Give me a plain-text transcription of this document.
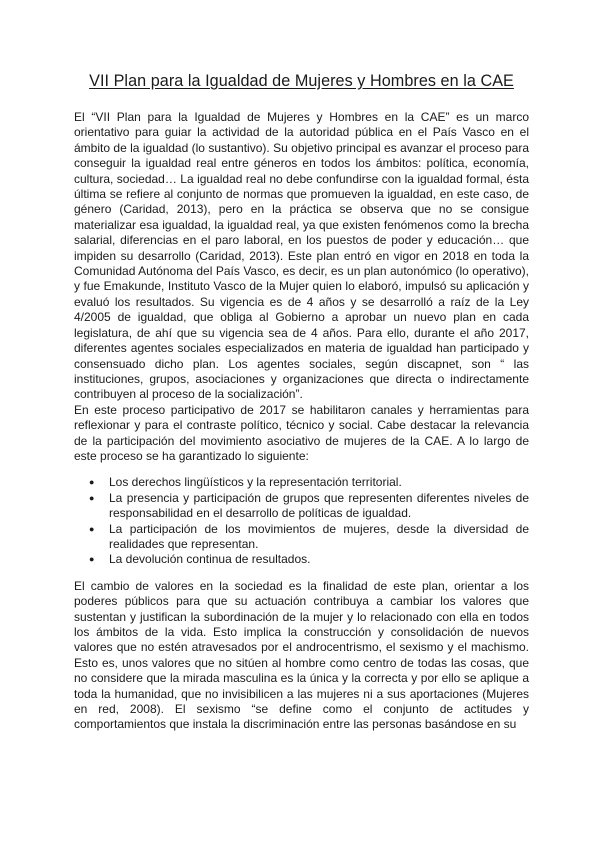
VII Plan para la Igualdad de Mujeres y Hombres en la CAE

El “VII Plan para la Igualdad de Mujeres y Hombres en la CAE” es un marco orientativo para guiar la actividad de la autoridad pública en el País Vasco en el ámbito de la igualdad (lo sustantivo). Su objetivo principal es avanzar el proceso para conseguir la igualdad real entre géneros en todos los ámbitos: política, economía, cultura, sociedad… La igualdad real no debe confundirse con la igualdad formal, ésta última se refiere al conjunto de normas que promueven la igualdad, en este caso, de género (Caridad, 2013), pero en la práctica se observa que no se consigue materializar esa igualdad, la igualdad real, ya que existen fenómenos como la brecha salarial, diferencias en el paro laboral, en los puestos de poder y educación… que impiden su desarrollo (Caridad, 2013). Este plan entró en vigor en 2018 en toda la Comunidad Autónoma del País Vasco, es decir, es un plan autonómico (lo operativo), y fue Emakunde, Instituto Vasco de la Mujer quien lo elaboró, impulsó su aplicación y evaluó los resultados. Su vigencia es de 4 años y se desarrolló a raíz de la Ley 4/2005 de igualdad, que obliga al Gobierno a aprobar un nuevo plan en cada legislatura, de ahí que su vigencia sea de 4 años. Para ello, durante el año 2017, diferentes agentes sociales especializados en materia de igualdad han participado y consensuado dicho plan. Los agentes sociales, según discapnet, son “ las instituciones, grupos, asociaciones y organizaciones que directa o indirectamente contribuyen al proceso de la socialización”.

En este proceso participativo de 2017 se habilitaron canales y herramientas para reflexionar y para el contraste político, técnico y social. Cabe destacar la relevancia de la participación del movimiento asociativo de mujeres de la CAE. A lo largo de este proceso se ha garantizado lo siguiente:

● Los derechos lingüísticos y la representación territorial.
● La presencia y participación de grupos que representen diferentes niveles de responsabilidad en el desarrollo de políticas de igualdad.
● La participación de los movimientos de mujeres, desde la diversidad de realidades que representan.
● La devolución continua de resultados.

El cambio de valores en la sociedad es la finalidad de este plan, orientar a los poderes públicos para que su actuación contribuya a cambiar los valores que sustentan y justifican la subordinación de la mujer y lo relacionado con ella en todos los ámbitos de la vida. Esto implica la construcción y consolidación de nuevos valores que no estén atravesados por el androcentrismo, el sexismo y el machismo. Esto es, unos valores que no sitúen al hombre como centro de todas las cosas, que no considere que la mirada masculina es la única y la correcta y por ello se aplique a toda la humanidad, que no invisibilicen a las mujeres ni a sus aportaciones (Mujeres en red, 2008). El sexismo “se define como el conjunto de actitudes y comportamientos que instala la discriminación entre las personas basándose en su
